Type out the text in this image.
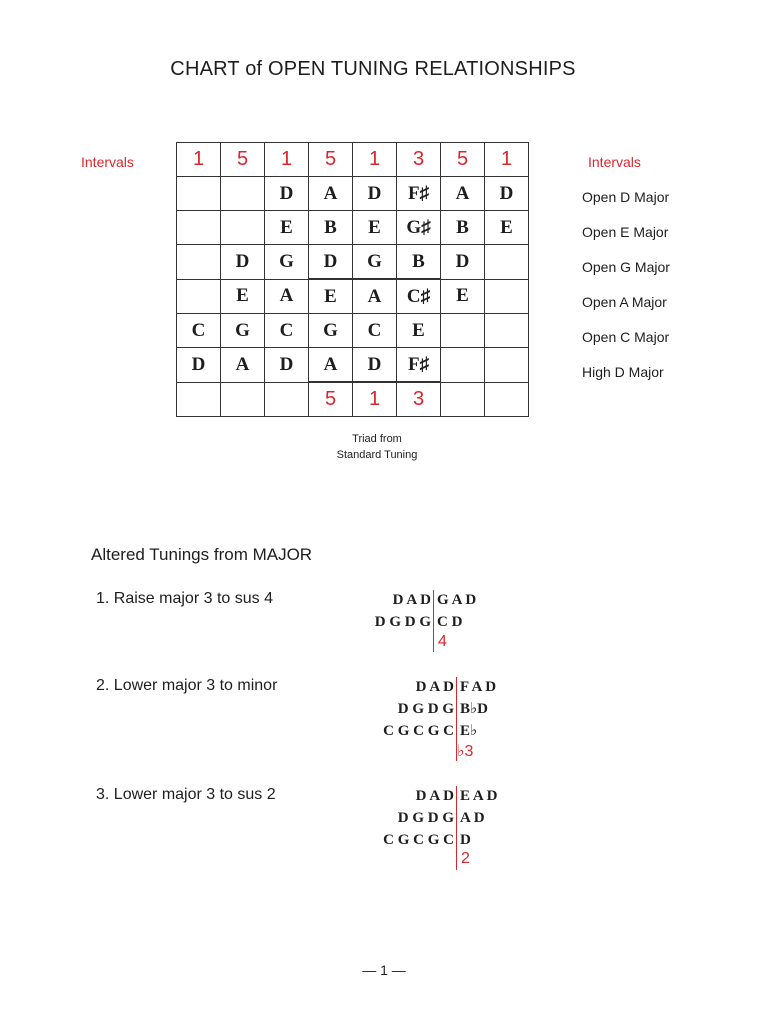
CHART of OPEN TUNING RELATIONSHIPS
Intervals	Intervals
1	5	1	5	1	3	5	1
		D	A	D	F♯	A	D
		E	B	E	G♯	B	E
	D	G	D	G	B	D	
	E	A	E	A	C♯	E	
C	G	C	G	C	E		
D	A	D	A	D	F♯		
			5	1	3		
Open D Major
Open E Major
Open G Major
Open A Major
Open C Major
High D Major
Triad from
Standard Tuning
Altered Tunings from MAJOR
1. Raise major 3 to sus 4	D A D G A D
D G D G C D
4
2. Lower major 3 to minor	D A D F A D
D G D G B♭D
C G C G C E♭
♭3
3. Lower major 3 to sus 2	D A D E A D
D G D G A D
C G C G C D
2
— 1 —
